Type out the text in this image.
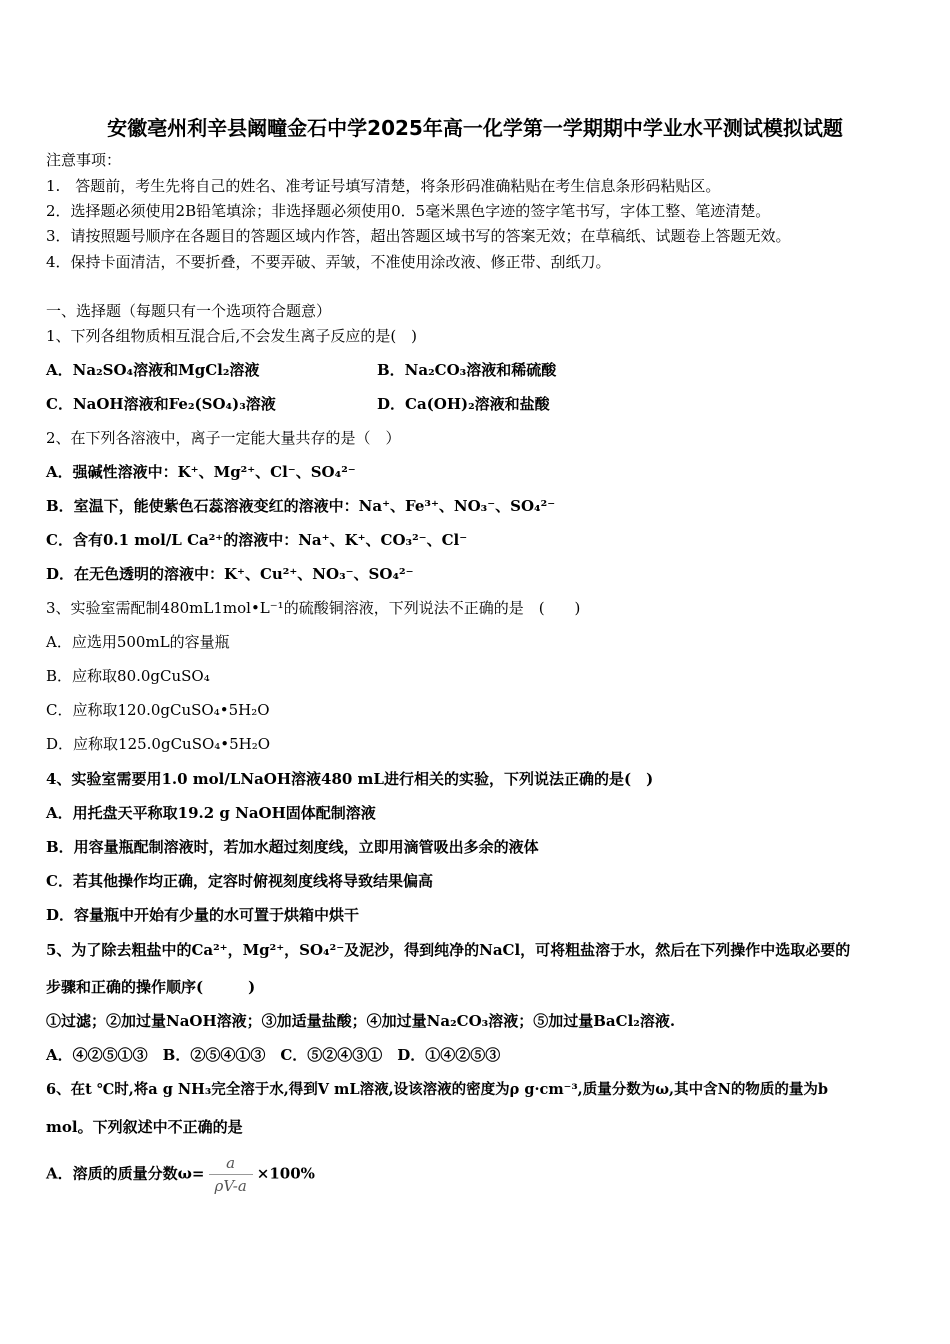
安徽亳州利辛县阚疃金石中学2025年高一化学第一学期期中学业水平测试模拟试题
注意事项：
1.　答题前，考生先将自己的姓名、准考证号填写清楚，将条形码准确粘贴在考生信息条形码粘贴区。
2．选择题必须使用2B铅笔填涂；非选择题必须使用0．5毫米黑色字迹的签字笔书写，字体工整、笔迹清楚。
3．请按照题号顺序在各题目的答题区域内作答，超出答题区域书写的答案无效；在草稿纸、试题卷上答题无效。
4．保持卡面清洁，不要折叠，不要弄破、弄皱，不准使用涂改液、修正带、刮纸刀。
一、选择题（每题只有一个选项符合题意）
1、下列各组物质相互混合后,不会发生离子反应的是(　)
A．Na₂SO₄溶液和MgCl₂溶液	B．Na₂CO₃溶液和稀硫酸
C．NaOH溶液和Fe₂(SO₄)₃溶液	D．Ca(OH)₂溶液和盐酸
2、在下列各溶液中，离子一定能大量共存的是（　）
A．强碱性溶液中：K⁺、Mg²⁺、Cl⁻、SO₄²⁻
B．室温下，能使紫色石蕊溶液变红的溶液中：Na⁺、Fe³⁺、NO₃⁻、SO₄²⁻
C．含有0.1 mol/L Ca²⁺的溶液中：Na⁺、K⁺、CO₃²⁻、Cl⁻
D．在无色透明的溶液中：K⁺、Cu²⁺、NO₃⁻、SO₄²⁻
3、实验室需配制480mL1mol•L⁻¹的硫酸铜溶液，下列说法不正确的是　(　　)
A．应选用500mL的容量瓶
B．应称取80.0gCuSO₄
C．应称取120.0gCuSO₄•5H₂O
D．应称取125.0gCuSO₄•5H₂O
4、实验室需要用1.0 mol/LNaOH溶液480 mL进行相关的实验，下列说法正确的是(　)
A．用托盘天平称取19.2 g NaOH固体配制溶液
B．用容量瓶配制溶液时，若加水超过刻度线，立即用滴管吸出多余的液体
C．若其他操作均正确，定容时俯视刻度线将导致结果偏高
D．容量瓶中开始有少量的水可置于烘箱中烘干
5、为了除去粗盐中的Ca²⁺，Mg²⁺，SO₄²⁻及泥沙，得到纯净的NaCl，可将粗盐溶于水，然后在下列操作中选取必要的
步骤和正确的操作顺序(　　　)
①过滤；②加过量NaOH溶液；③加适量盐酸；④加过量Na₂CO₃溶液；⑤加过量BaCl₂溶液.
A．④②⑤①③　B．②⑤④①③　C．⑤②④③①　D．①④②⑤③
6、在t ℃时,将a g NH₃完全溶于水,得到V mL溶液,设该溶液的密度为ρ g·cm⁻³,质量分数为ω,其中含N的物质的量为b
mol。下列叙述中不正确的是
A．溶质的质量分数$\omega= \frac{a}{\rho V-a} \times 100\%$
